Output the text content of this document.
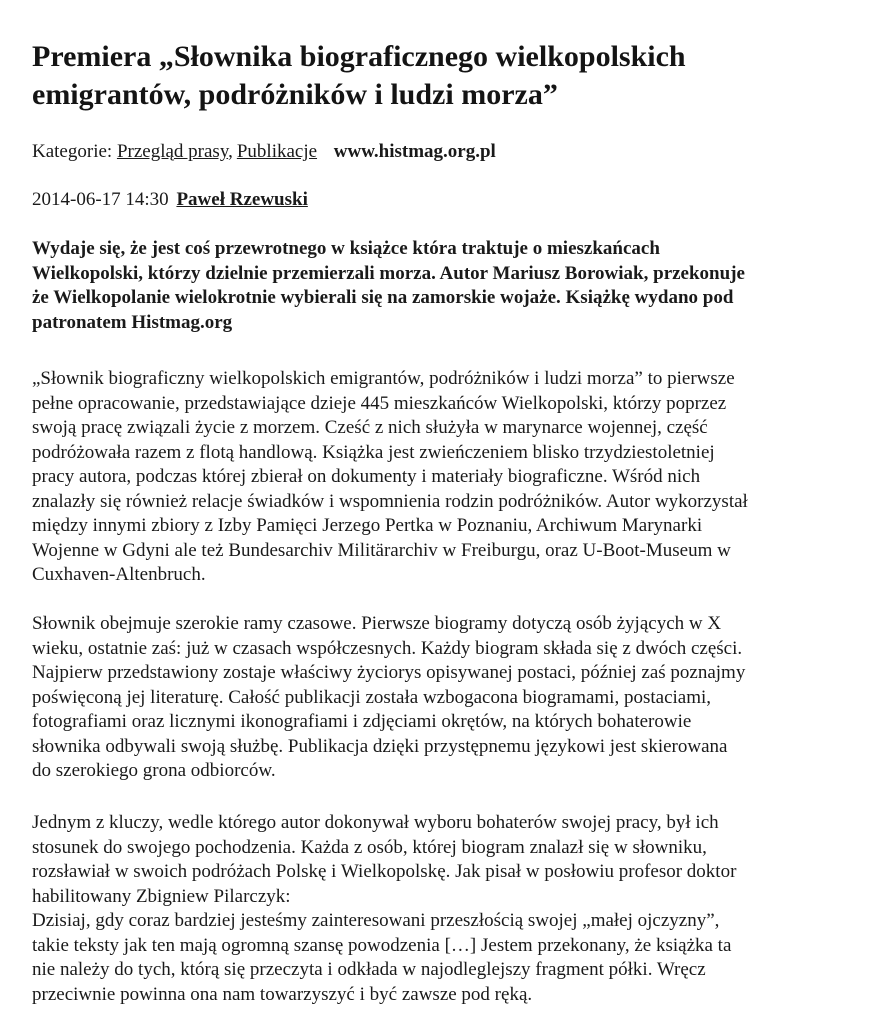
Premiera „Słownika biograficznego wielkopolskich
emigrantów, podróżników i ludzi morza”
Kategorie: Przegląd prasy, Publikacje www.histmag.org.pl
2014-06-17 14:30 Paweł Rzewuski
Wydaje się, że jest coś przewrotnego w książce która traktuje o mieszkańcach
Wielkopolski, którzy dzielnie przemierzali morza. Autor Mariusz Borowiak, przekonuje
że Wielkopolanie wielokrotnie wybierali się na zamorskie wojaże. Książkę wydano pod
patronatem Histmag.org
„Słownik biograficzny wielkopolskich emigrantów, podróżników i ludzi morza” to pierwsze
pełne opracowanie, przedstawiające dzieje 445 mieszkańców Wielkopolski, którzy poprzez
swoją pracę związali życie z morzem. Cześć z nich służyła w marynarce wojennej, część
podróżowała razem z flotą handlową. Książka jest zwieńczeniem blisko trzydziestoletniej
pracy autora, podczas której zbierał on dokumenty i materiały biograficzne. Wśród nich
znalazły się również relacje świadków i wspomnienia rodzin podróżników. Autor wykorzystał
między innymi zbiory z Izby Pamięci Jerzego Pertka w Poznaniu, Archiwum Marynarki
Wojenne w Gdyni ale też Bundesarchiv Militärarchiv w Freiburgu, oraz U-Boot-Museum w
Cuxhaven-Altenbruch.
Słownik obejmuje szerokie ramy czasowe. Pierwsze biogramy dotyczą osób żyjących w X
wieku, ostatnie zaś: już w czasach współczesnych. Każdy biogram składa się z dwóch części.
Najpierw przedstawiony zostaje właściwy życiorys opisywanej postaci, później zaś poznajmy
poświęconą jej literaturę. Całość publikacji została wzbogacona biogramami, postaciami,
fotografiami oraz licznymi ikonografiami i zdjęciami okrętów, na których bohaterowie
słownika odbywali swoją służbę. Publikacja dzięki przystępnemu językowi jest skierowana
do szerokiego grona odbiorców.
Jednym z kluczy, wedle którego autor dokonywał wyboru bohaterów swojej pracy, był ich
stosunek do swojego pochodzenia. Każda z osób, której biogram znalazł się w słowniku,
rozsławiał w swoich podróżach Polskę i Wielkopolskę. Jak pisał w posłowiu profesor doktor
habilitowany Zbigniew Pilarczyk:
Dzisiaj, gdy coraz bardziej jesteśmy zainteresowani przeszłością swojej „małej ojczyzny”,
takie teksty jak ten mają ogromną szansę powodzenia […] Jestem przekonany, że książka ta
nie należy do tych, którą się przeczyta i odkłada w najodleglejszy fragment półki. Wręcz
przeciwnie powinna ona nam towarzyszyć i być zawsze pod ręką.
